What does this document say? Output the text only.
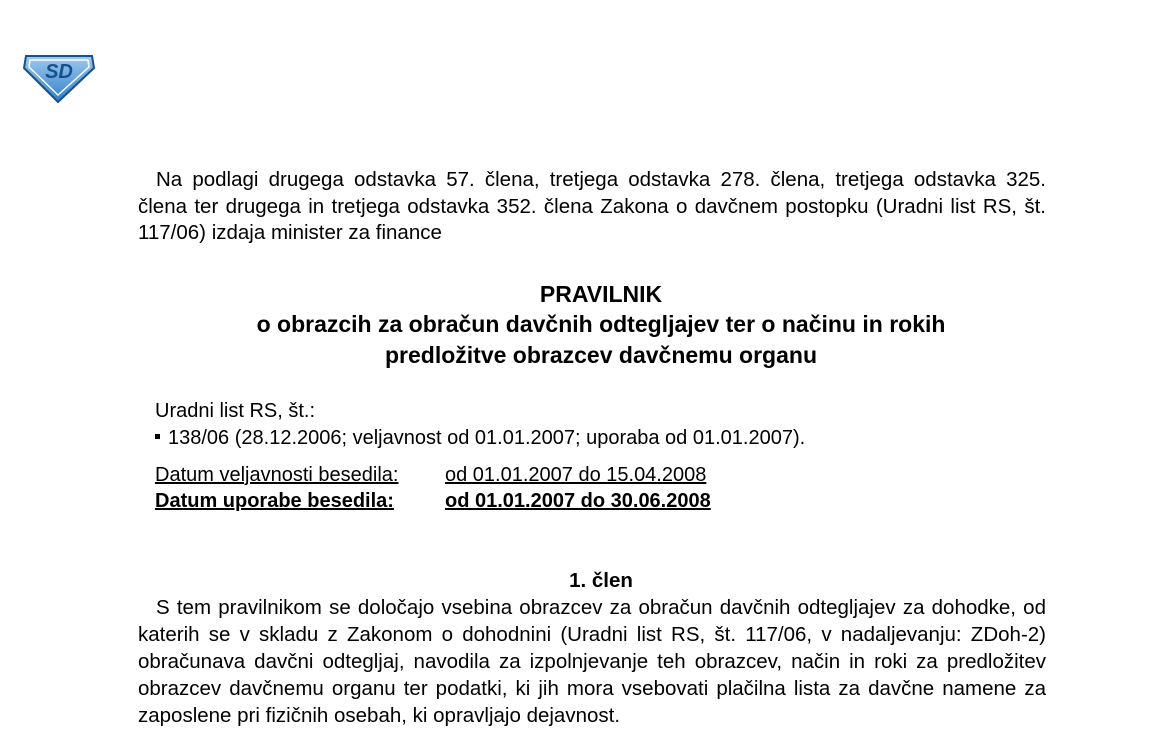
SD

Na podlagi drugega odstavka 57. člena, tretjega odstavka 278. člena, tretjega odstavka 325. člena ter drugega in tretjega odstavka 352. člena Zakona o davčnem postopku (Uradni list RS, št. 117/06) izdaja minister za finance

PRAVILNIK
o obrazcih za obračun davčnih odtegljajev ter o načinu in rokih
predložitve obrazcev davčnemu organu
Uradni list RS, št.:
138/06 (28.12.2006; veljavnost od 01.01.2007; uporaba od 01.01.2007).
Datum veljavnosti besedila:	od 01.01.2007 do 15.04.2008
Datum uporabe besedila:	od 01.01.2007 do 30.06.2008
1. člen

S tem pravilnikom se določajo vsebina obrazcev za obračun davčnih odtegljajev za dohodke, od katerih se v skladu z Zakonom o dohodnini (Uradni list RS, št. 117/06, v nadaljevanju: ZDoh-2) obračunava davčni odtegljaj, navodila za izpolnjevanje teh obrazcev, način in roki za predložitev obrazcev davčnemu organu ter podatki, ki jih mora vsebovati plačilna lista za davčne namene za zaposlene pri fizičnih osebah, ki opravljajo dejavnost.
